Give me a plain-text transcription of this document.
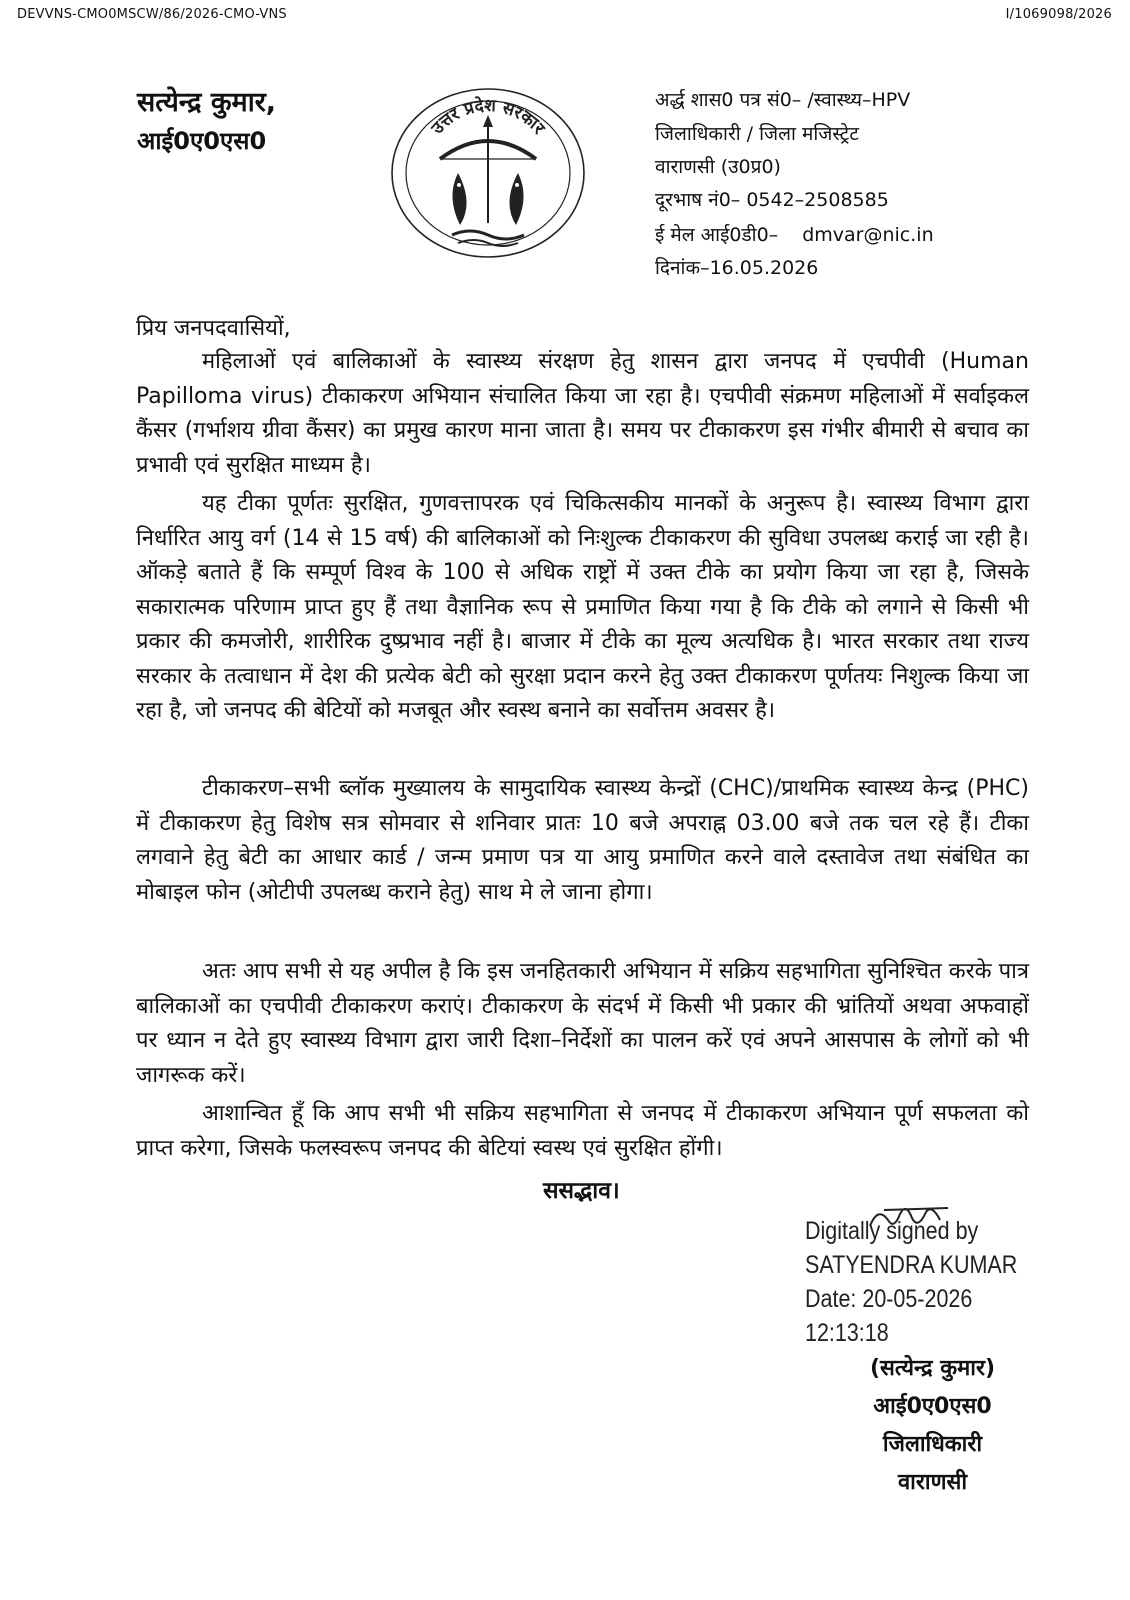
DEVVNS-CMO0MSCW/86/2026-CMO-VNS	I/1069098/2026
सत्येन्द्र कुमार,
आई0ए0एस0	उत्तर प्रदेश सरकार
अर्द्ध शास0 पत्र सं0– /स्वास्थ्य–HPV
जिलाधिकारी / जिला मजिस्ट्रेट
वाराणसी (उ0प्र0)
दूरभाष नं0– 0542–2508585
ई मेल आई0डी0– dmvar@nic.in
दिनांक–16.05.2026
प्रिय जनपदवासियों,

महिलाओं एवं बालिकाओं के स्वास्थ्य संरक्षण हेतु शासन द्वारा जनपद में एचपीवी (Human Papilloma virus) टीकाकरण अभियान संचालित किया जा रहा है। एचपीवी संक्रमण महिलाओं में सर्वाइकल कैंसर (गर्भाशय ग्रीवा कैंसर) का प्रमुख कारण माना जाता है। समय पर टीकाकरण इस गंभीर बीमारी से बचाव का प्रभावी एवं सुरक्षित माध्यम है।

यह टीका पूर्णतः सुरक्षित, गुणवत्तापरक एवं चिकित्सकीय मानकों के अनुरूप है। स्वास्थ्य विभाग द्वारा निर्धारित आयु वर्ग (14 से 15 वर्ष) की बालिकाओं को निःशुल्क टीकाकरण की सुविधा उपलब्ध कराई जा रही है। ऑकड़े बताते हैं कि सम्पूर्ण विश्व के 100 से अधिक राष्ट्रों में उक्त टीके का प्रयोग किया जा रहा है, जिसके सकारात्मक परिणाम प्राप्त हुए हैं तथा वैज्ञानिक रूप से प्रमाणित किया गया है कि टीके को लगाने से किसी भी प्रकार की कमजोरी, शारीरिक दुष्प्रभाव नहीं है। बाजार में टीके का मूल्य अत्यधिक है। भारत सरकार तथा राज्य सरकार के तत्वाधान में देश की प्रत्येक बेटी को सुरक्षा प्रदान करने हेतु उक्त टीकाकरण पूर्णतयः निशुल्क किया जा रहा है, जो जनपद की बेटियों को मजबूत और स्वस्थ बनाने का सर्वोत्तम अवसर है।

टीकाकरण–सभी ब्लॉक मुख्यालय के सामुदायिक स्वास्थ्य केन्द्रों (CHC)/प्राथमिक स्वास्थ्य केन्द्र (PHC) में टीकाकरण हेतु विशेष सत्र सोमवार से शनिवार प्रातः 10 बजे अपराह्न 03.00 बजे तक चल रहे हैं। टीका लगवाने हेतु बेटी का आधार कार्ड / जन्म प्रमाण पत्र या आयु प्रमाणित करने वाले दस्तावेज तथा संबंधित का मोबाइल फोन (ओटीपी उपलब्ध कराने हेतु) साथ मे ले जाना होगा।

अतः आप सभी से यह अपील है कि इस जनहितकारी अभियान में सक्रिय सहभागिता सुनिश्चित करके पात्र बालिकाओं का एचपीवी टीकाकरण कराएं। टीकाकरण के संदर्भ में किसी भी प्रकार की भ्रांतियों अथवा अफवाहों पर ध्यान न देते हुए स्वास्थ्य विभाग द्वारा जारी दिशा–निर्देशों का पालन करें एवं अपने आसपास के लोगों को भी जागरूक करें।

आशान्वित हूँ कि आप सभी भी सक्रिय सहभागिता से जनपद में टीकाकरण अभियान पूर्ण सफलता को प्राप्त करेगा, जिसके फलस्वरूप जनपद की बेटियां स्वस्थ एवं सुरक्षित होंगी।

ससद्भाव।
Digitally signed by
SATYENDRA KUMAR
Date: 20-05-2026
12:13:18
(सत्येन्द्र कुमार)
आई0ए0एस0
जिलाधिकारी
वाराणसी
